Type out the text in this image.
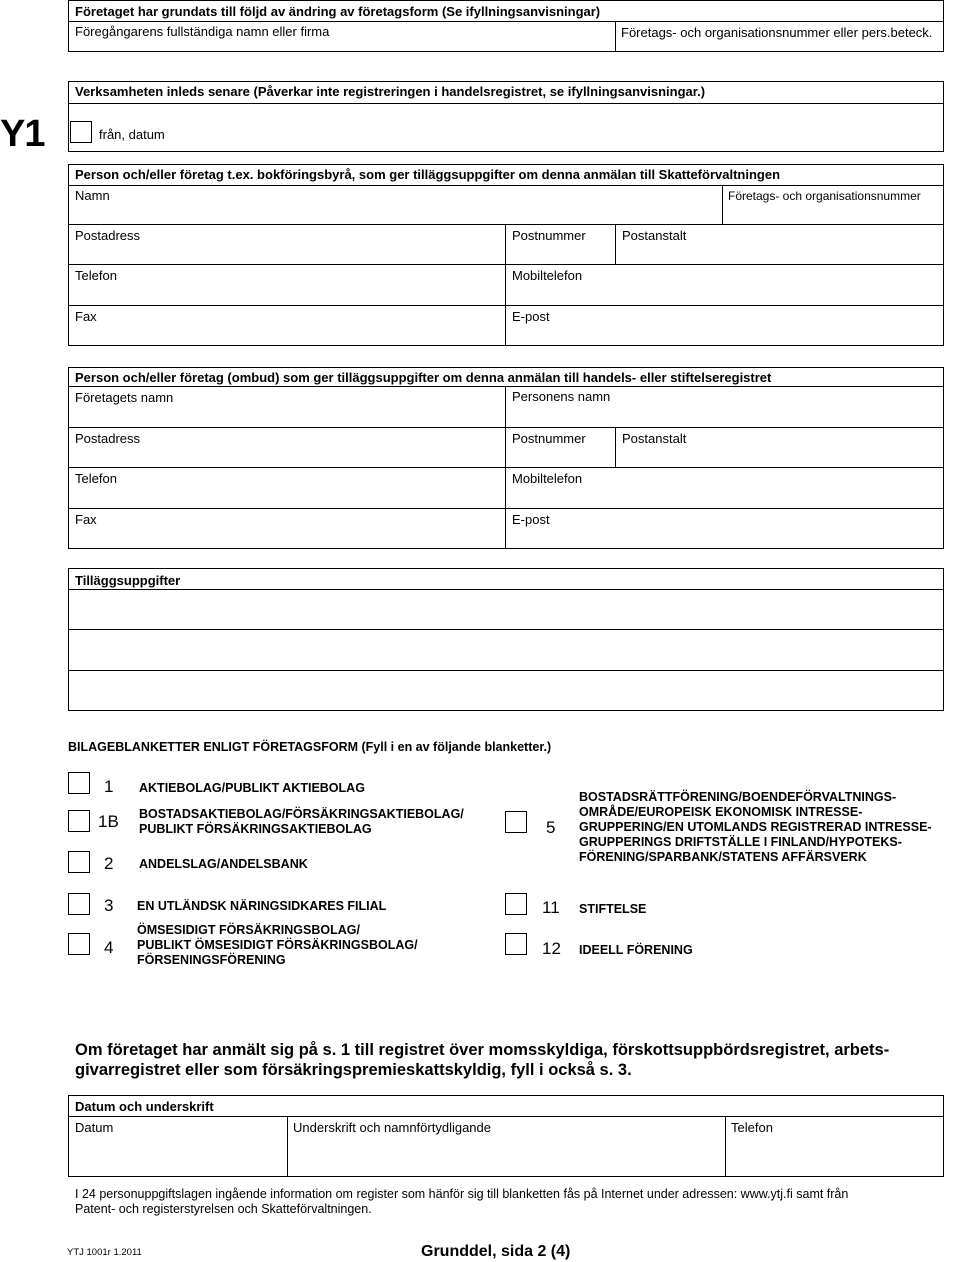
Företaget har grundats till följd av ändring av företagsform (Se ifyllningsanvisningar)
Föregångarens fullständiga namn eller firma	Företags- och organisationsnummer eller pers.beteck.
Y1
Verksamheten inleds senare (Påverkar inte registreringen i handelsregistret, se ifyllningsanvisningar.)
från, datum
Person och/eller företag t.ex. bokföringsbyrå, som ger tilläggsuppgifter om denna anmälan till Skatteförvaltningen
Namn	Företags- och organisationsnummer
Postadress	Postnummer	Postanstalt
Telefon	Mobiltelefon
Fax	E-post
Person och/eller företag (ombud) som ger tilläggsuppgifter om denna anmälan till handels- eller stiftelseregistret
Företagets namn	Personens namn
Postadress	Postnummer	Postanstalt
Telefon	Mobiltelefon
Fax	E-post
Tilläggsuppgifter
BILAGEBLANKETTER ENLIGT FÖRETAGSFORM (Fyll i en av följande blanketter.)
1 AKTIEBOLAG/PUBLIKT AKTIEBOLAG
1B BOSTADSAKTIEBOLAG/FÖRSÄKRINGSAKTIEBOLAG/
PUBLIKT FÖRSÄKRINGSAKTIEBOLAG
2 ANDELSLAG/ANDELSBANK
5
BOSTADSRÄTTFÖRENING/BOENDEFÖRVALTNINGS-
OMRÅDE/EUROPEISK EKONOMISK INTRESSE-
GRUPPERING/EN UTOMLANDS REGISTRERAD INTRESSE-
GRUPPERINGS DRIFTSTÄLLE I FINLAND/HYPOTEKS-
FÖRENING/SPARBANK/STATENS AFFÄRSVERK
3 EN UTLÄNDSK NÄRINGSIDKARES FILIAL
4
ÖMSESIDIGT FÖRSÄKRINGSBOLAG/
PUBLIKT ÖMSESIDIGT FÖRSÄKRINGSBOLAG/
FÖRSENINGSFÖRENING
11 STIFTELSE
12 IDEELL FÖRENING
Om företaget har anmält sig på s. 1 till registret över momsskyldiga, förskottsuppbördsregistret, arbets-
givarregistret eller som försäkringspremieskattskyldig, fyll i också s. 3.
Datum och underskrift
Datum	Underskrift och namnförtydligande	Telefon
I 24 personuppgiftslagen ingående information om register som hänför sig till blanketten fås på Internet under adressen: www.ytj.fi samt från
Patent- och registerstyrelsen och Skatteförvaltningen.
YTJ 1001r 1.2011	Grunddel, sida 2 (4)
